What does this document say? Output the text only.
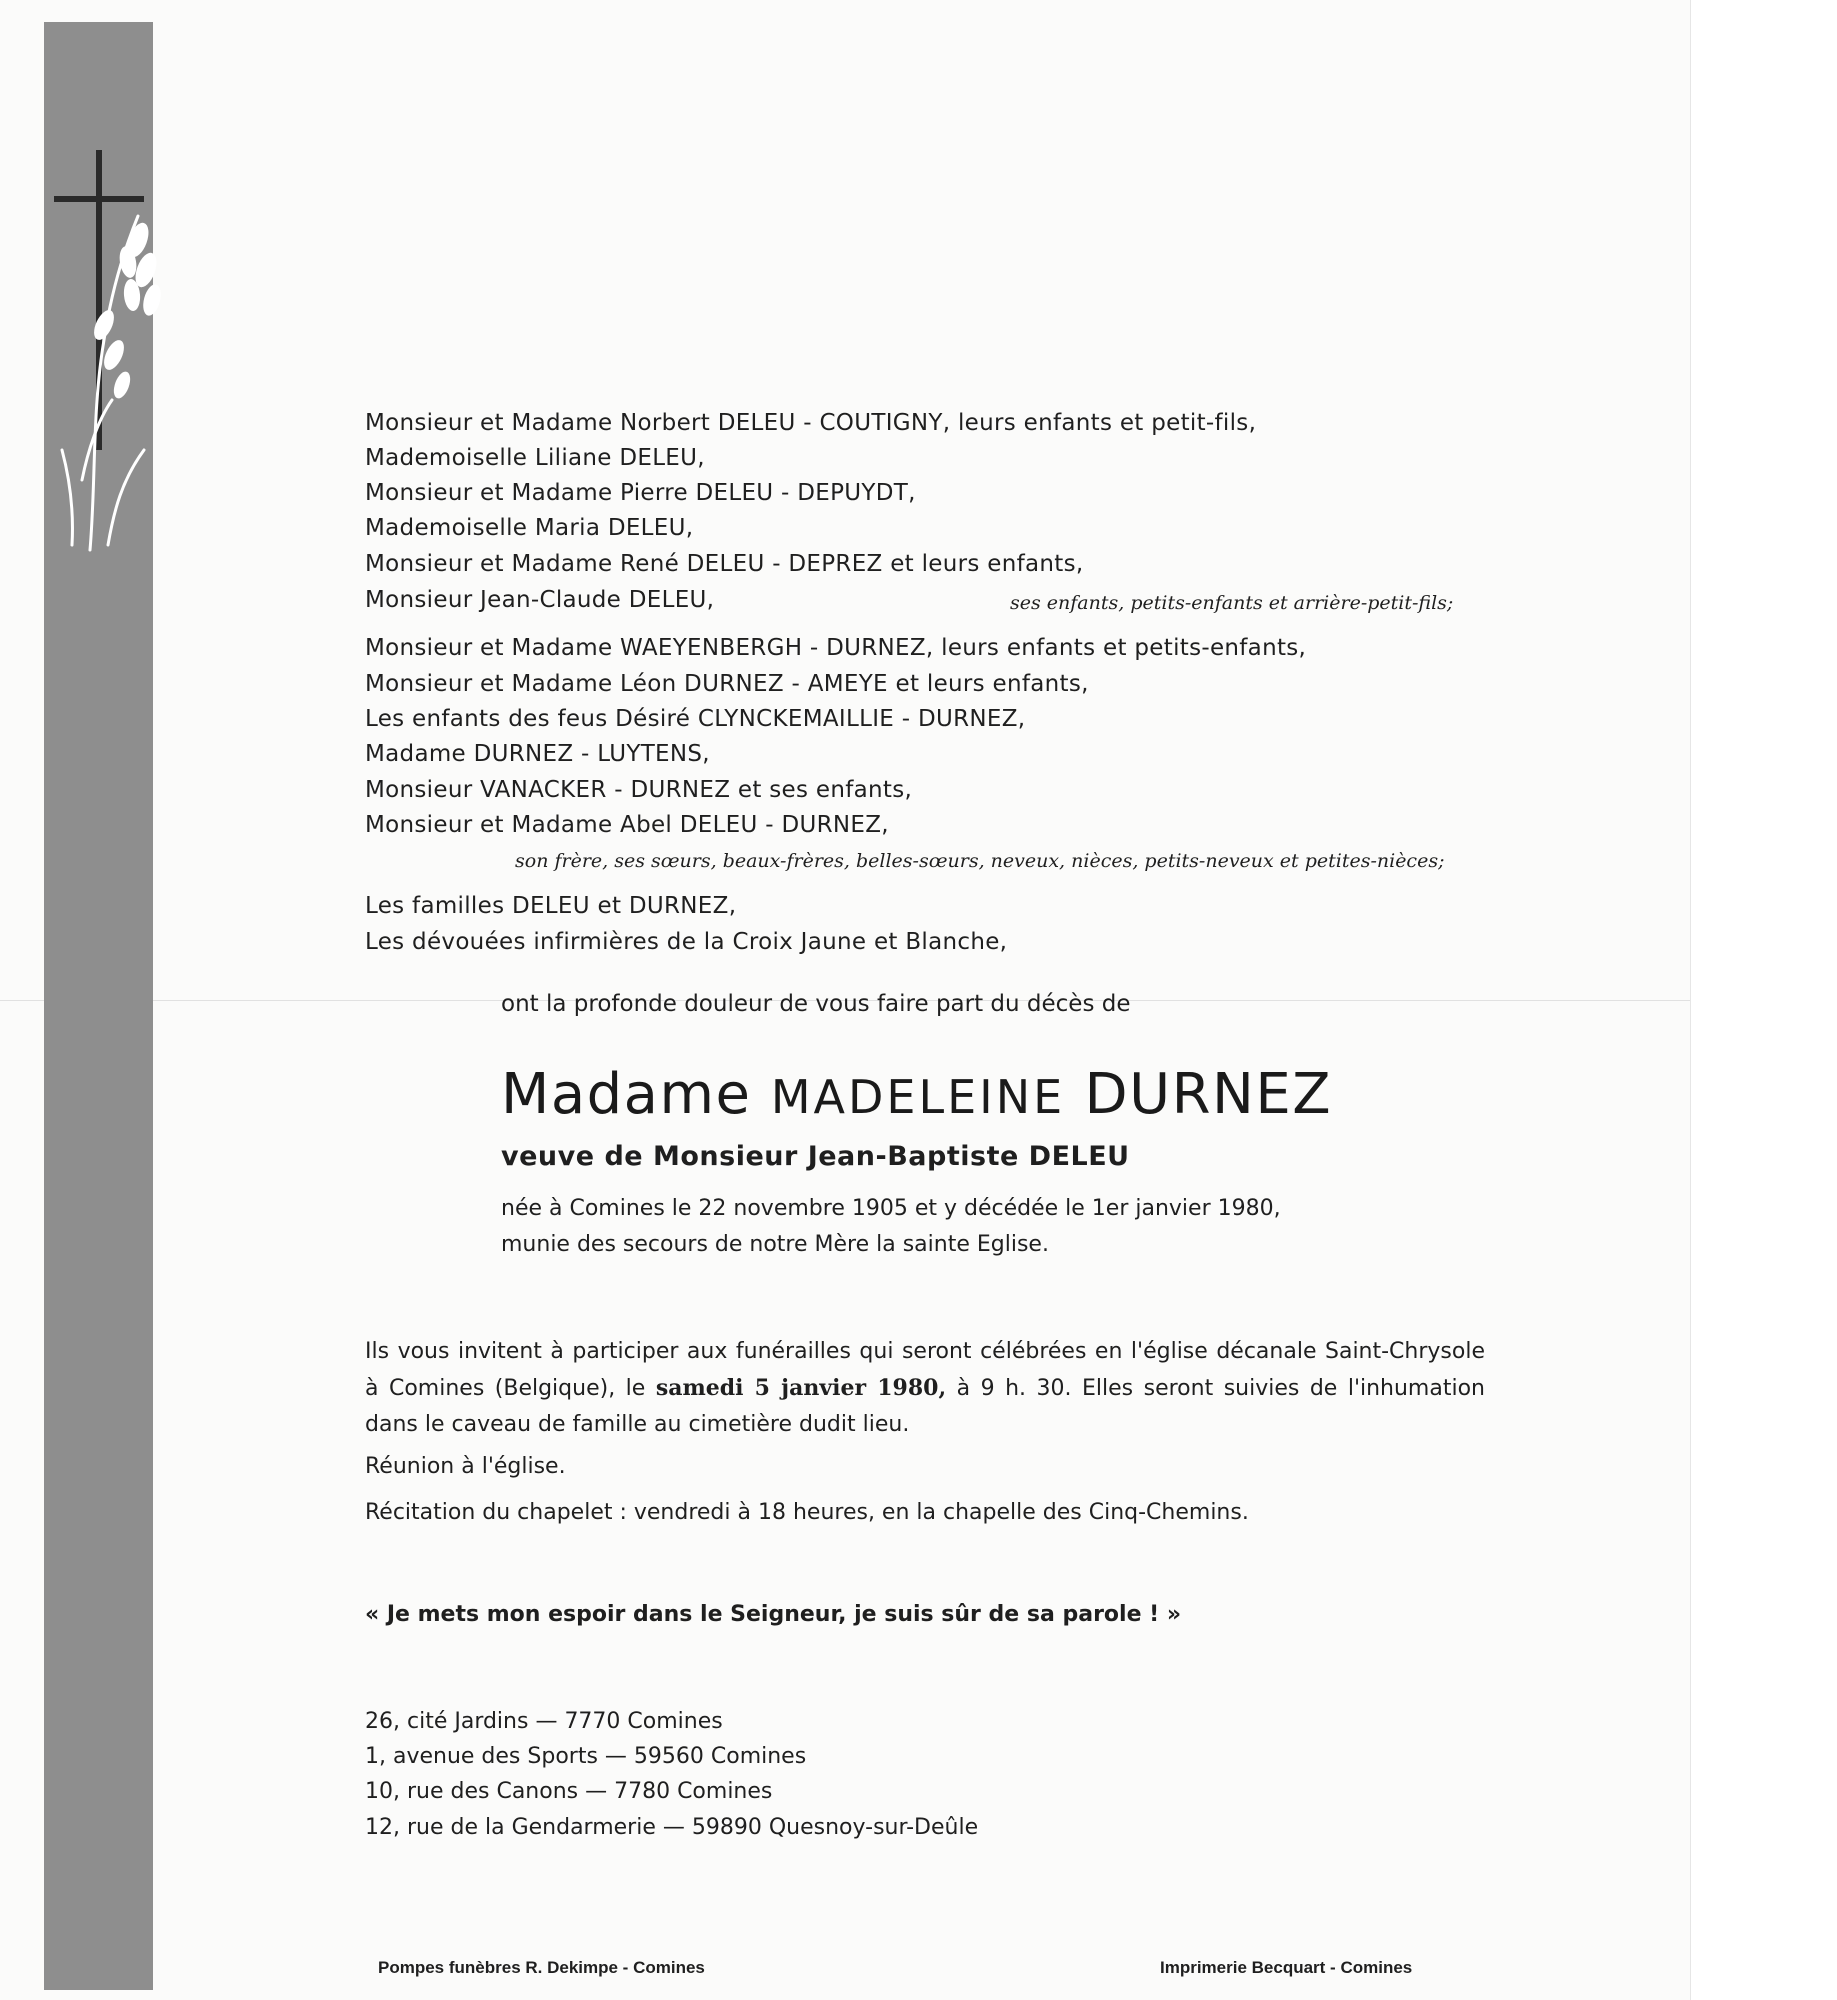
Monsieur et Madame Norbert DELEU - COUTIGNY, leurs enfants et petit-fils,
Mademoiselle Liliane DELEU,
Monsieur et Madame Pierre DELEU - DEPUYDT,
Mademoiselle Maria DELEU,
Monsieur et Madame René DELEU - DEPREZ et leurs enfants,
Monsieur Jean-Claude DELEU,	ses enfants, petits-enfants et arrière-petit-fils;
Monsieur et Madame WAEYENBERGH - DURNEZ, leurs enfants et petits-enfants,
Monsieur et Madame Léon DURNEZ - AMEYE et leurs enfants,
Les enfants des feus Désiré CLYNCKEMAILLIE - DURNEZ,
Madame DURNEZ - LUYTENS,
Monsieur VANACKER - DURNEZ et ses enfants,
Monsieur et Madame Abel DELEU - DURNEZ,
son frère, ses sœurs, beaux-frères, belles-sœurs, neveux, nièces, petits-neveux et petites-nièces;
Les familles DELEU et DURNEZ,
Les dévouées infirmières de la Croix Jaune et Blanche,
ont la profonde douleur de vous faire part du décès de
Madame MADELEINE DURNEZ
veuve de Monsieur Jean-Baptiste DELEU
née à Comines le 22 novembre 1905 et y décédée le 1er janvier 1980,
munie des secours de notre Mère la sainte Eglise.
Ils vous invitent à participer aux funérailles qui seront célébrées en l'église décanale Saint-Chrysole à Comines (Belgique), le samedi 5 janvier 1980, à 9 h. 30. Elles seront suivies de l'inhumation dans le caveau de famille au cimetière dudit lieu.
Réunion à l'église.
Récitation du chapelet : vendredi à 18 heures, en la chapelle des Cinq-Chemins.
« Je mets mon espoir dans le Seigneur, je suis sûr de sa parole ! »
26, cité Jardins — 7770 Comines
1, avenue des Sports — 59560 Comines
10, rue des Canons — 7780 Comines
12, rue de la Gendarmerie — 59890 Quesnoy-sur-Deûle
Pompes funèbres R. Dekimpe - Comines	Imprimerie Becquart - Comines
